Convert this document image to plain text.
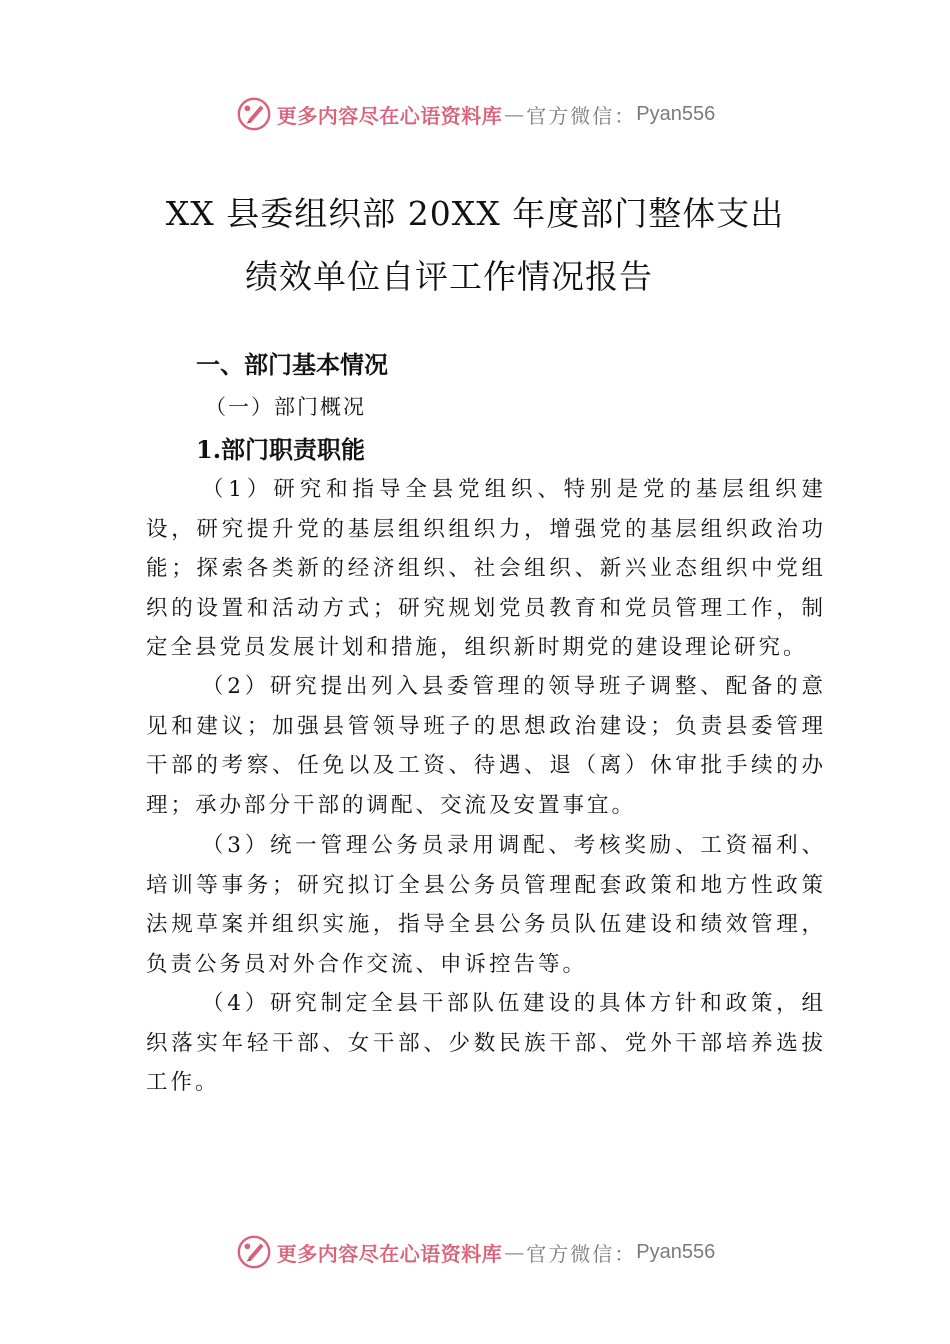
更多内容尽在心语资料库 — 官方微信： Pyan556
XX 县委组织部 20XX 年度部门整体支出
绩效单位自评工作情况报告
一、部门基本情况
（一）部门概况
1.部门职责职能
（1）研究和指导全县党组织、特别是党的基层组织建设，研究提升党的基层组织组织力，增强党的基层组织政治功能；探索各类新的经济组织、社会组织、新兴业态组织中党组织的设置和活动方式；研究规划党员教育和党员管理工作，制定全县党员发展计划和措施，组织新时期党的建设理论研究。
（2）研究提出列入县委管理的领导班子调整、配备的意见和建议；加强县管领导班子的思想政治建设；负责县委管理干部的考察、任免以及工资、待遇、退（离）休审批手续的办理；承办部分干部的调配、交流及安置事宜。
（3）统一管理公务员录用调配、考核奖励、工资福利、培训等事务；研究拟订全县公务员管理配套政策和地方性政策法规草案并组织实施，指导全县公务员队伍建设和绩效管理，负责公务员对外合作交流、申诉控告等。
（4）研究制定全县干部队伍建设的具体方针和政策，组织落实年轻干部、女干部、少数民族干部、党外干部培养选拔工作。
更多内容尽在心语资料库 — 官方微信： Pyan556
